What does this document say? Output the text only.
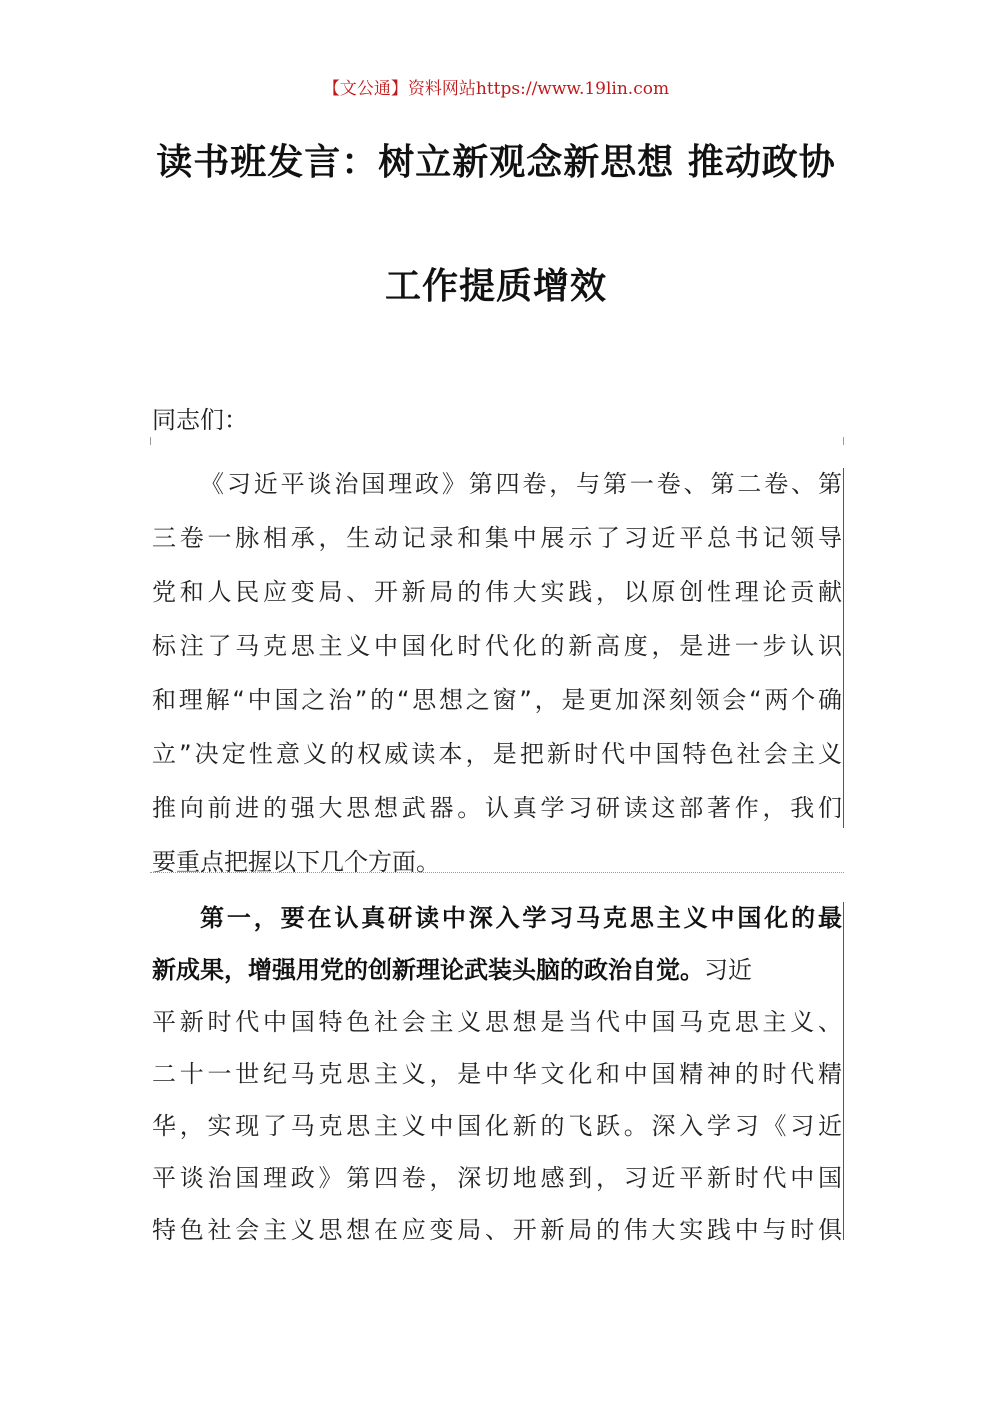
【文公通】资料网站https://www.19lin.com
读书班发言：树立新观念新思想 推动政协
工作提质增效
同志们：
《习近平谈治国理政》第四卷，与第一卷、第二卷、第
三卷一脉相承，生动记录和集中展示了习近平总书记领导
党和人民应变局、开新局的伟大实践，以原创性理论贡献
标注了马克思主义中国化时代化的新高度，是进一步认识
和理解“中国之治”的“思想之窗”，是更加深刻领会“两个确
立”决定性意义的权威读本，是把新时代中国特色社会主义
推向前进的强大思想武器。认真学习研读这部著作，我们
要重点把握以下几个方面。
第一，要在认真研读中深入学习马克思主义中国化的最
新成果，增强用党的创新理论武装头脑的政治自觉。习近
平新时代中国特色社会主义思想是当代中国马克思主义、
二十一世纪马克思主义，是中华文化和中国精神的时代精
华，实现了马克思主义中国化新的飞跃。深入学习《习近
平谈治国理政》第四卷，深切地感到，习近平新时代中国
特色社会主义思想在应变局、开新局的伟大实践中与时俱
